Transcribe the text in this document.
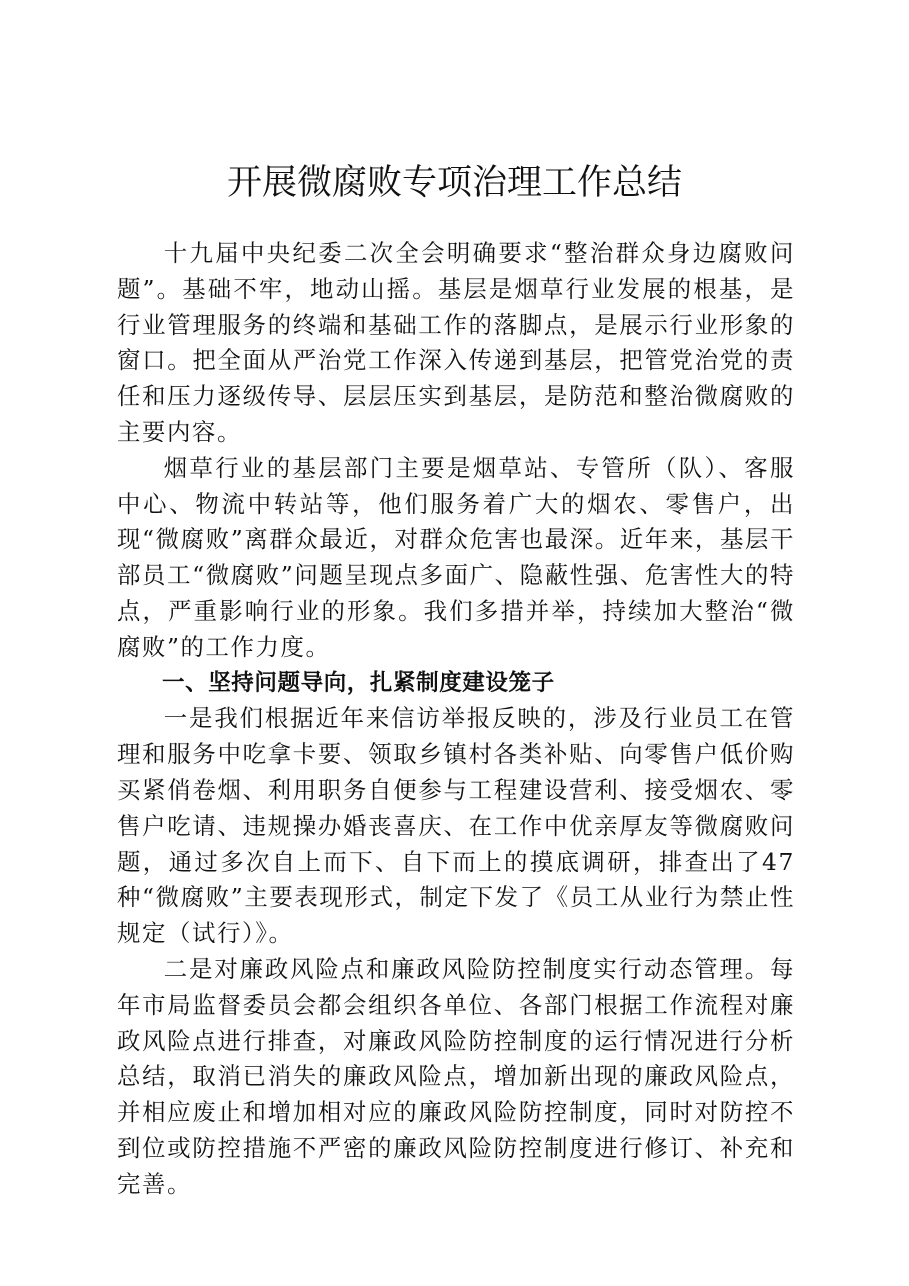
开展微腐败专项治理工作总结

十九届中央纪委二次全会明确要求“整治群众身边腐败问题”。基础不牢，地动山摇。基层是烟草行业发展的根基，是行业管理服务的终端和基础工作的落脚点，是展示行业形象的窗口。把全面从严治党工作深入传递到基层，把管党治党的责任和压力逐级传导、层层压实到基层，是防范和整治微腐败的主要内容。

烟草行业的基层部门主要是烟草站、专管所（队）、客服中心、物流中转站等，他们服务着广大的烟农、零售户，出现“微腐败”离群众最近，对群众危害也最深。近年来，基层干部员工“微腐败”问题呈现点多面广、隐蔽性强、危害性大的特点，严重影响行业的形象。我们多措并举，持续加大整治“微腐败”的工作力度。

一、坚持问题导向，扎紧制度建设笼子

一是我们根据近年来信访举报反映的，涉及行业员工在管理和服务中吃拿卡要、领取乡镇村各类补贴、向零售户低价购买紧俏卷烟、利用职务自便参与工程建设营利、接受烟农、零售户吃请、违规操办婚丧喜庆、在工作中优亲厚友等微腐败问题，通过多次自上而下、自下而上的摸底调研，排查出了47种“微腐败”主要表现形式，制定下发了《员工从业行为禁止性规定（试行）》。

二是对廉政风险点和廉政风险防控制度实行动态管理。每年市局监督委员会都会组织各单位、各部门根据工作流程对廉政风险点进行排查，对廉政风险防控制度的运行情况进行分析总结，取消已消失的廉政风险点，增加新出现的廉政风险点，并相应废止和增加相对应的廉政风险防控制度，同时对防控不到位或防控措施不严密的廉政风险防控制度进行修订、补充和完善。
